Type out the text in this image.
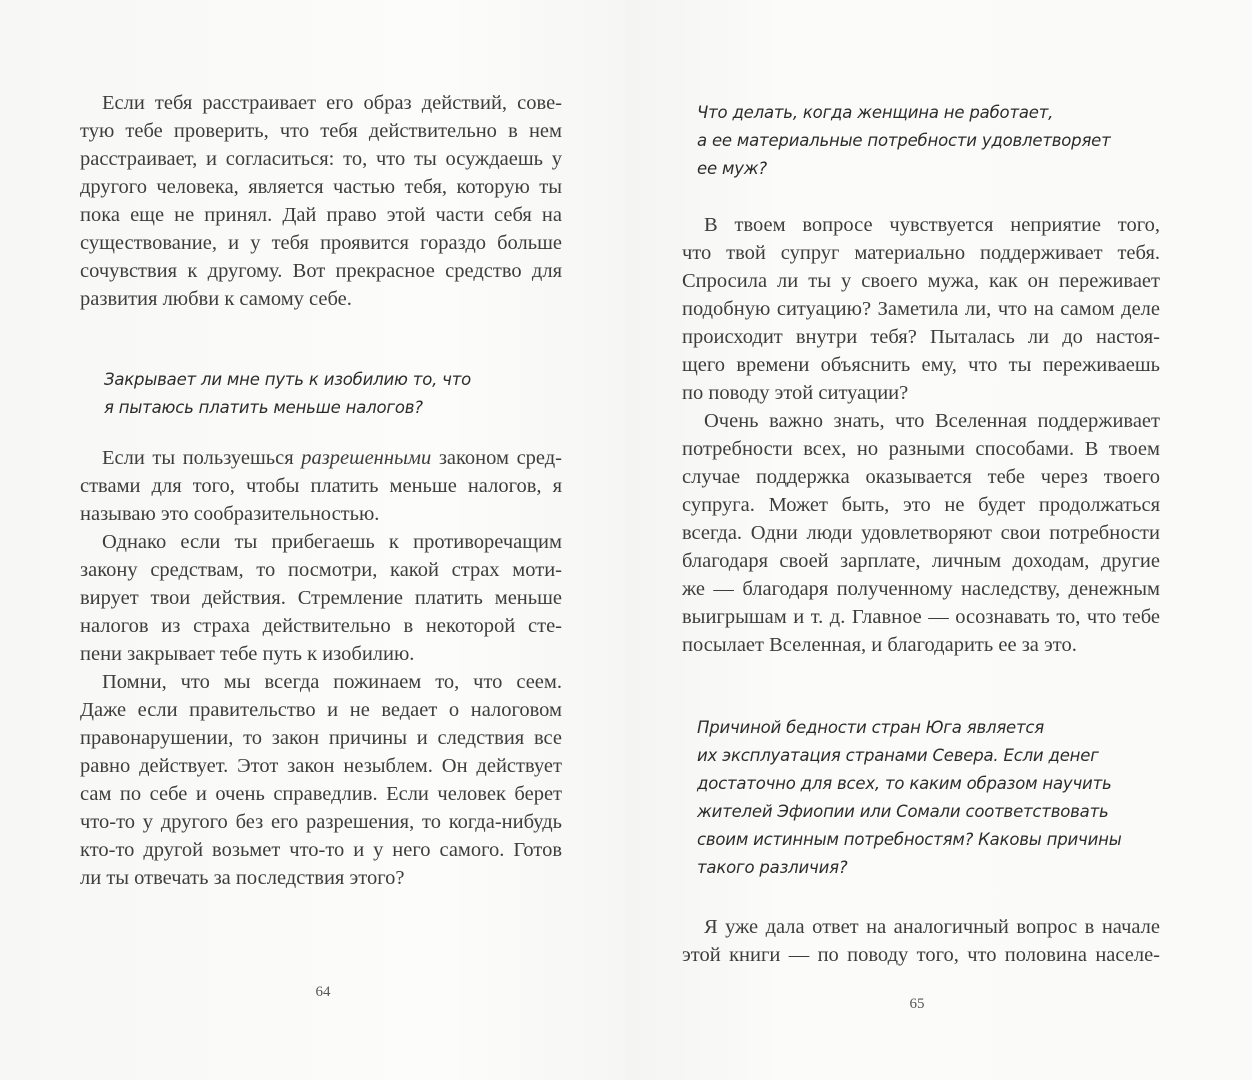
Если тебя расстраивает его образ действий, сове-
тую тебе проверить, что тебя действительно в нем
расстраивает, и согласиться: то, что ты осуждаешь у
другого человека, является частью тебя, которую ты
пока еще не принял. Дай право этой части себя на
существование, и у тебя проявится гораздо больше
сочувствия к другому. Вот прекрасное средство для
развития любви к самому себе.
Закрывает ли мне путь к изобилию то, что
я пытаюсь платить меньше налогов?
Если ты пользуешься разрешенными законом сред-
ствами для того, чтобы платить меньше налогов, я
называю это сообразительностью.
Однако если ты прибегаешь к противоречащим
закону средствам, то посмотри, какой страх моти-
вирует твои действия. Стремление платить меньше
налогов из страха действительно в некоторой сте-
пени закрывает тебе путь к изобилию.
Помни, что мы всегда пожинаем то, что сеем.
Даже если правительство и не ведает о налоговом
правонарушении, то закон причины и следствия все
равно действует. Этот закон незыблем. Он действует
сам по себе и очень справедлив. Если человек берет
что-то у другого без его разрешения, то когда-нибудь
кто-то другой возьмет что-то и у него самого. Готов
ли ты отвечать за последствия этого?
64
Что делать, когда женщина не работает,
а ее материальные потребности удовлетворяет
ее муж?
В твоем вопросе чувствуется неприятие того,
что твой супруг материально поддерживает тебя.
Спросила ли ты у своего мужа, как он переживает
подобную ситуацию? Заметила ли, что на самом деле
происходит внутри тебя? Пыталась ли до настоя-
щего времени объяснить ему, что ты переживаешь
по поводу этой ситуации?
Очень важно знать, что Вселенная поддерживает
потребности всех, но разными способами. В твоем
случае поддержка оказывается тебе через твоего
супруга. Может быть, это не будет продолжаться
всегда. Одни люди удовлетворяют свои потребности
благодаря своей зарплате, личным доходам, другие
же — благодаря полученному наследству, денежным
выигрышам и т. д. Главное — осознавать то, что тебе
посылает Вселенная, и благодарить ее за это.
Причиной бедности стран Юга является
их эксплуатация странами Севера. Если денег
достаточно для всех, то каким образом научить
жителей Эфиопии или Сомали соответствовать
своим истинным потребностям? Каковы причины
такого различия?
Я уже дала ответ на аналогичный вопрос в начале
этой книги — по поводу того, что половина населе-
65
